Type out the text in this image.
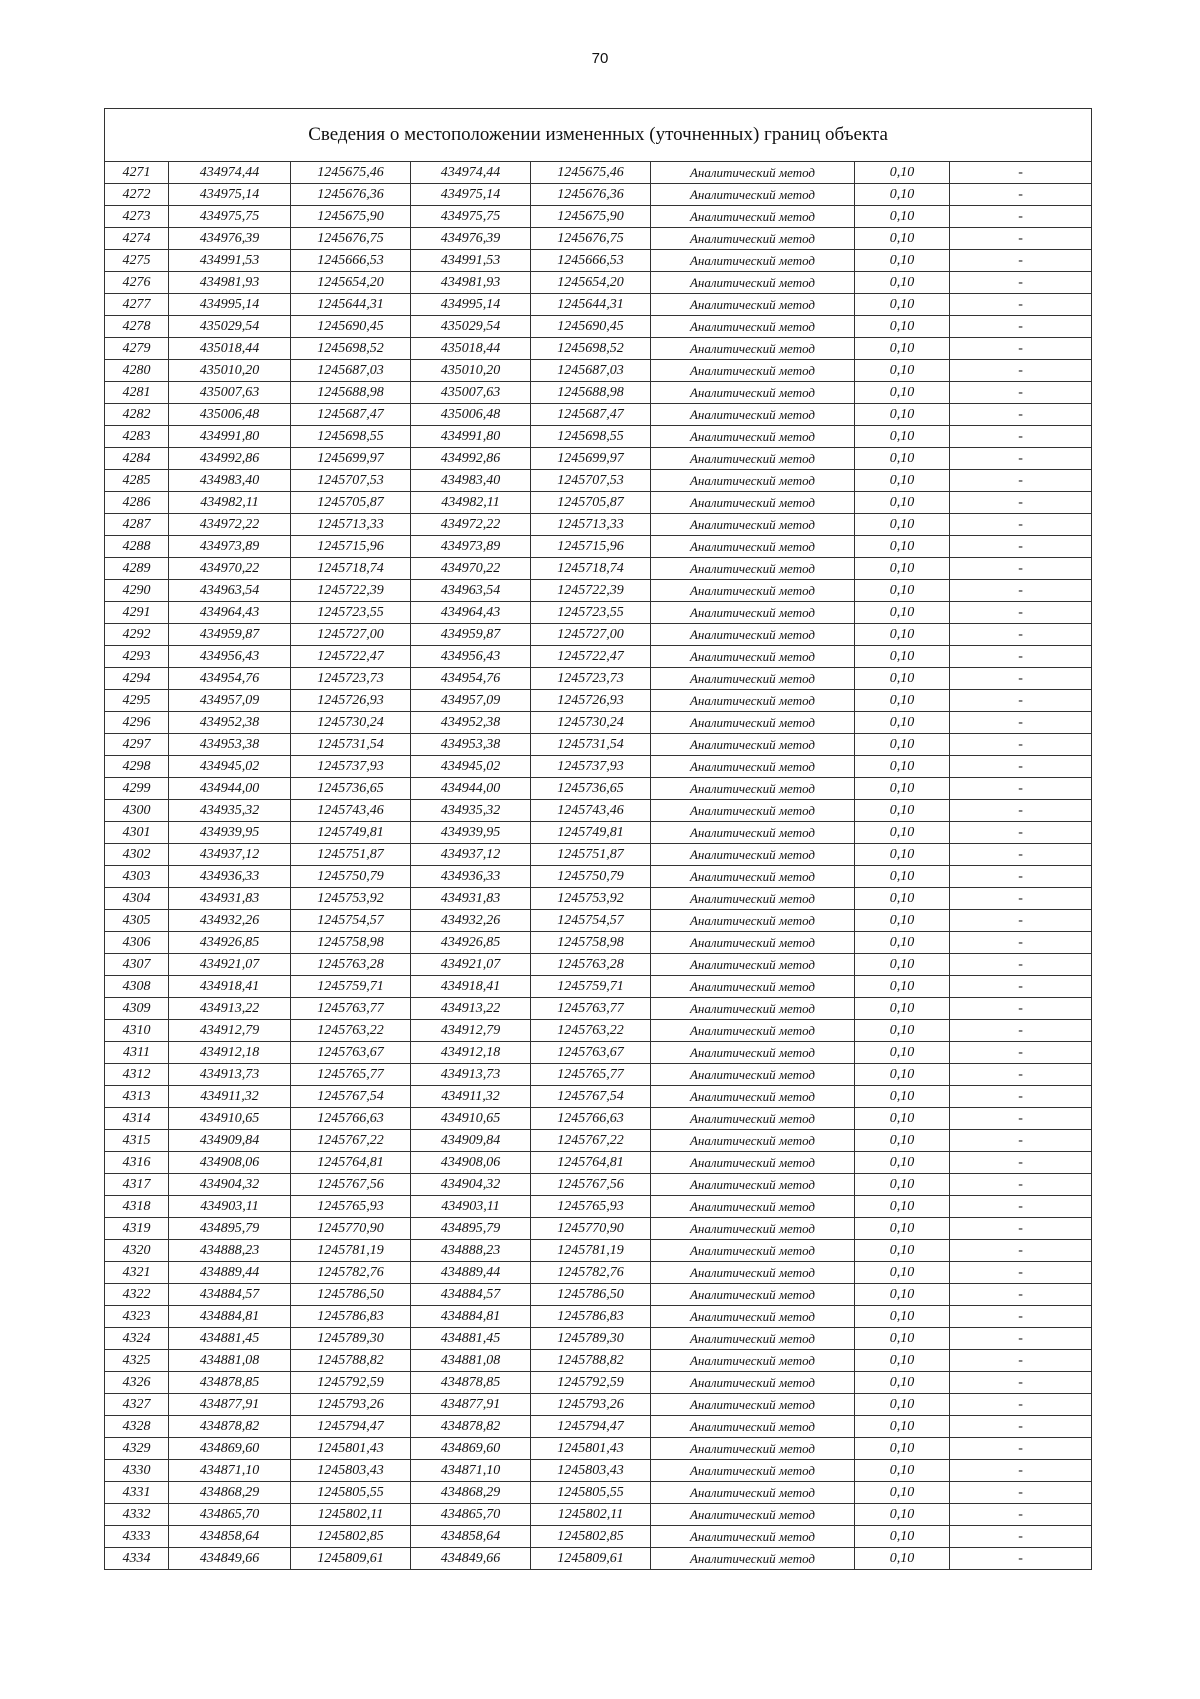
70
Сведения о местоположении измененных (уточненных) границ объекта							
4271	434974,44	1245675,46	434974,44	1245675,46	Аналитический метод	0,10	-
4272	434975,14	1245676,36	434975,14	1245676,36	Аналитический метод	0,10	-
4273	434975,75	1245675,90	434975,75	1245675,90	Аналитический метод	0,10	-
4274	434976,39	1245676,75	434976,39	1245676,75	Аналитический метод	0,10	-
4275	434991,53	1245666,53	434991,53	1245666,53	Аналитический метод	0,10	-
4276	434981,93	1245654,20	434981,93	1245654,20	Аналитический метод	0,10	-
4277	434995,14	1245644,31	434995,14	1245644,31	Аналитический метод	0,10	-
4278	435029,54	1245690,45	435029,54	1245690,45	Аналитический метод	0,10	-
4279	435018,44	1245698,52	435018,44	1245698,52	Аналитический метод	0,10	-
4280	435010,20	1245687,03	435010,20	1245687,03	Аналитический метод	0,10	-
4281	435007,63	1245688,98	435007,63	1245688,98	Аналитический метод	0,10	-
4282	435006,48	1245687,47	435006,48	1245687,47	Аналитический метод	0,10	-
4283	434991,80	1245698,55	434991,80	1245698,55	Аналитический метод	0,10	-
4284	434992,86	1245699,97	434992,86	1245699,97	Аналитический метод	0,10	-
4285	434983,40	1245707,53	434983,40	1245707,53	Аналитический метод	0,10	-
4286	434982,11	1245705,87	434982,11	1245705,87	Аналитический метод	0,10	-
4287	434972,22	1245713,33	434972,22	1245713,33	Аналитический метод	0,10	-
4288	434973,89	1245715,96	434973,89	1245715,96	Аналитический метод	0,10	-
4289	434970,22	1245718,74	434970,22	1245718,74	Аналитический метод	0,10	-
4290	434963,54	1245722,39	434963,54	1245722,39	Аналитический метод	0,10	-
4291	434964,43	1245723,55	434964,43	1245723,55	Аналитический метод	0,10	-
4292	434959,87	1245727,00	434959,87	1245727,00	Аналитический метод	0,10	-
4293	434956,43	1245722,47	434956,43	1245722,47	Аналитический метод	0,10	-
4294	434954,76	1245723,73	434954,76	1245723,73	Аналитический метод	0,10	-
4295	434957,09	1245726,93	434957,09	1245726,93	Аналитический метод	0,10	-
4296	434952,38	1245730,24	434952,38	1245730,24	Аналитический метод	0,10	-
4297	434953,38	1245731,54	434953,38	1245731,54	Аналитический метод	0,10	-
4298	434945,02	1245737,93	434945,02	1245737,93	Аналитический метод	0,10	-
4299	434944,00	1245736,65	434944,00	1245736,65	Аналитический метод	0,10	-
4300	434935,32	1245743,46	434935,32	1245743,46	Аналитический метод	0,10	-
4301	434939,95	1245749,81	434939,95	1245749,81	Аналитический метод	0,10	-
4302	434937,12	1245751,87	434937,12	1245751,87	Аналитический метод	0,10	-
4303	434936,33	1245750,79	434936,33	1245750,79	Аналитический метод	0,10	-
4304	434931,83	1245753,92	434931,83	1245753,92	Аналитический метод	0,10	-
4305	434932,26	1245754,57	434932,26	1245754,57	Аналитический метод	0,10	-
4306	434926,85	1245758,98	434926,85	1245758,98	Аналитический метод	0,10	-
4307	434921,07	1245763,28	434921,07	1245763,28	Аналитический метод	0,10	-
4308	434918,41	1245759,71	434918,41	1245759,71	Аналитический метод	0,10	-
4309	434913,22	1245763,77	434913,22	1245763,77	Аналитический метод	0,10	-
4310	434912,79	1245763,22	434912,79	1245763,22	Аналитический метод	0,10	-
4311	434912,18	1245763,67	434912,18	1245763,67	Аналитический метод	0,10	-
4312	434913,73	1245765,77	434913,73	1245765,77	Аналитический метод	0,10	-
4313	434911,32	1245767,54	434911,32	1245767,54	Аналитический метод	0,10	-
4314	434910,65	1245766,63	434910,65	1245766,63	Аналитический метод	0,10	-
4315	434909,84	1245767,22	434909,84	1245767,22	Аналитический метод	0,10	-
4316	434908,06	1245764,81	434908,06	1245764,81	Аналитический метод	0,10	-
4317	434904,32	1245767,56	434904,32	1245767,56	Аналитический метод	0,10	-
4318	434903,11	1245765,93	434903,11	1245765,93	Аналитический метод	0,10	-
4319	434895,79	1245770,90	434895,79	1245770,90	Аналитический метод	0,10	-
4320	434888,23	1245781,19	434888,23	1245781,19	Аналитический метод	0,10	-
4321	434889,44	1245782,76	434889,44	1245782,76	Аналитический метод	0,10	-
4322	434884,57	1245786,50	434884,57	1245786,50	Аналитический метод	0,10	-
4323	434884,81	1245786,83	434884,81	1245786,83	Аналитический метод	0,10	-
4324	434881,45	1245789,30	434881,45	1245789,30	Аналитический метод	0,10	-
4325	434881,08	1245788,82	434881,08	1245788,82	Аналитический метод	0,10	-
4326	434878,85	1245792,59	434878,85	1245792,59	Аналитический метод	0,10	-
4327	434877,91	1245793,26	434877,91	1245793,26	Аналитический метод	0,10	-
4328	434878,82	1245794,47	434878,82	1245794,47	Аналитический метод	0,10	-
4329	434869,60	1245801,43	434869,60	1245801,43	Аналитический метод	0,10	-
4330	434871,10	1245803,43	434871,10	1245803,43	Аналитический метод	0,10	-
4331	434868,29	1245805,55	434868,29	1245805,55	Аналитический метод	0,10	-
4332	434865,70	1245802,11	434865,70	1245802,11	Аналитический метод	0,10	-
4333	434858,64	1245802,85	434858,64	1245802,85	Аналитический метод	0,10	-
4334	434849,66	1245809,61	434849,66	1245809,61	Аналитический метод	0,10	-
